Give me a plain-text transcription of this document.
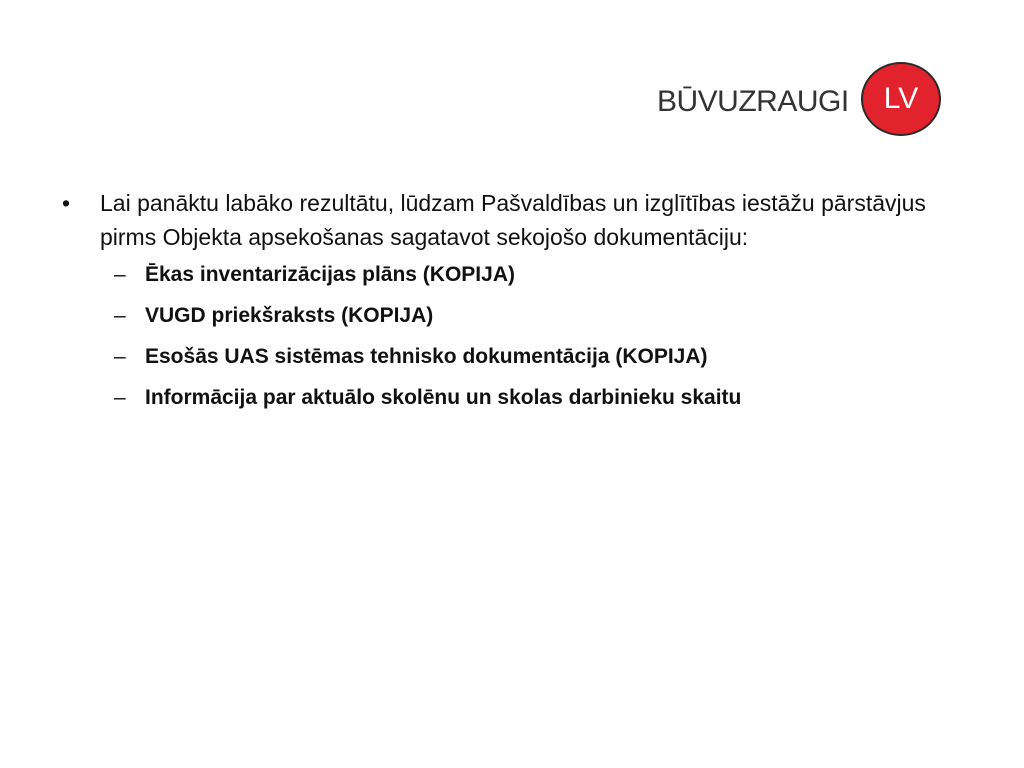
BŪVUZRAUGI	LV
•	Lai panāktu labāko rezultātu, lūdzam Pašvaldības un izglītības iestāžu pārstāvjus pirms Objekta apsekošanas sagatavot sekojošo dokumentāciju:
– Ēkas inventarizācijas plāns (KOPIJA)
– VUGD priekšraksts (KOPIJA)
– Esošās UAS sistēmas tehnisko dokumentācija (KOPIJA)
– Informācija par aktuālo skolēnu un skolas darbinieku skaitu
